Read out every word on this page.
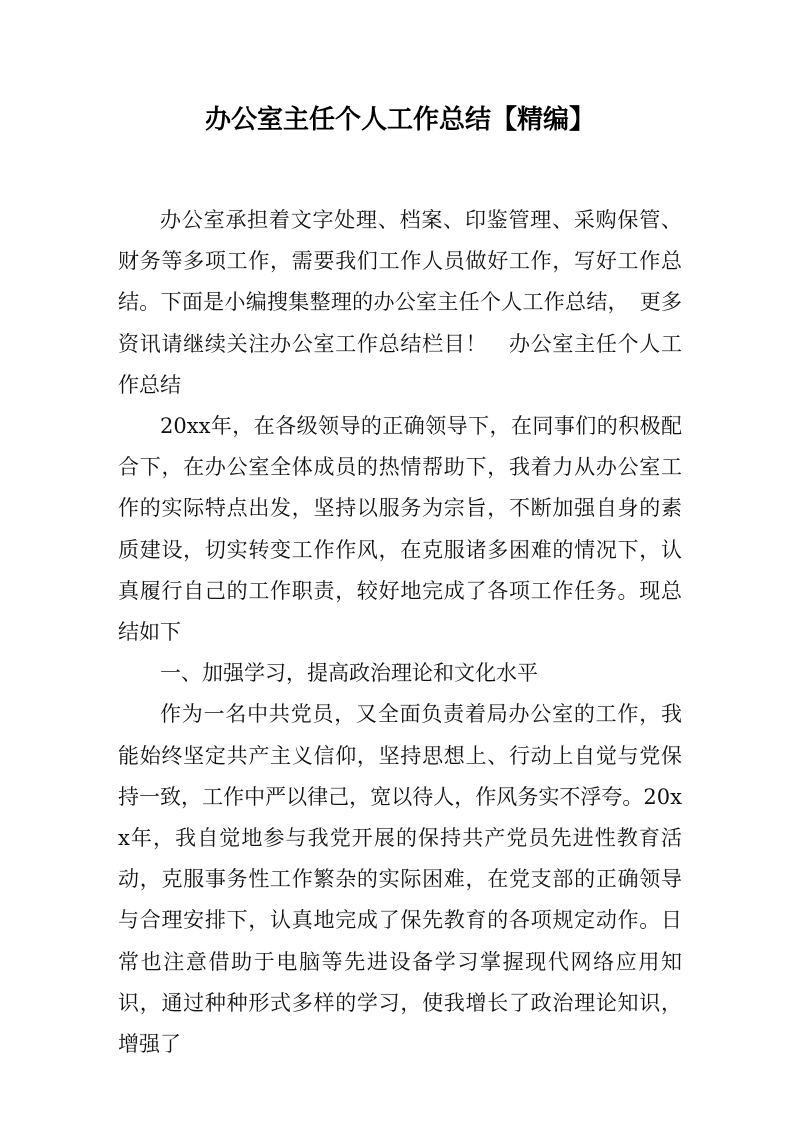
办公室主任个人工作总结【精编】

办公室承担着文字处理、档案、印鉴管理、采购保管、财务等多项工作，需要我们工作人员做好工作，写好工作总结。下面是小编搜集整理的办公室主任个人工作总结，　更多资讯请继续关注办公室工作总结栏目！　办公室主任个人工作总结

20xx年，在各级领导的正确领导下，在同事们的积极配合下，在办公室全体成员的热情帮助下，我着力从办公室工作的实际特点出发，坚持以服务为宗旨，不断加强自身的素质建设，切实转变工作作风，在克服诸多困难的情况下，认真履行自己的工作职责，较好地完成了各项工作任务。现总结如下

一、加强学习，提高政治理论和文化水平

作为一名中共党员，又全面负责着局办公室的工作，我能始终坚定共产主义信仰，坚持思想上、行动上自觉与党保持一致，工作中严以律己，宽以待人，作风务实不浮夸。20xx年，我自觉地参与我党开展的保持共产党员先进性教育活动，克服事务性工作繁杂的实际困难，在党支部的正确领导与合理安排下，认真地完成了保先教育的各项规定动作。日常也注意借助于电脑等先进设备学习掌握现代网络应用知识，通过种种形式多样的学习，使我增长了政治理论知识，增强了
